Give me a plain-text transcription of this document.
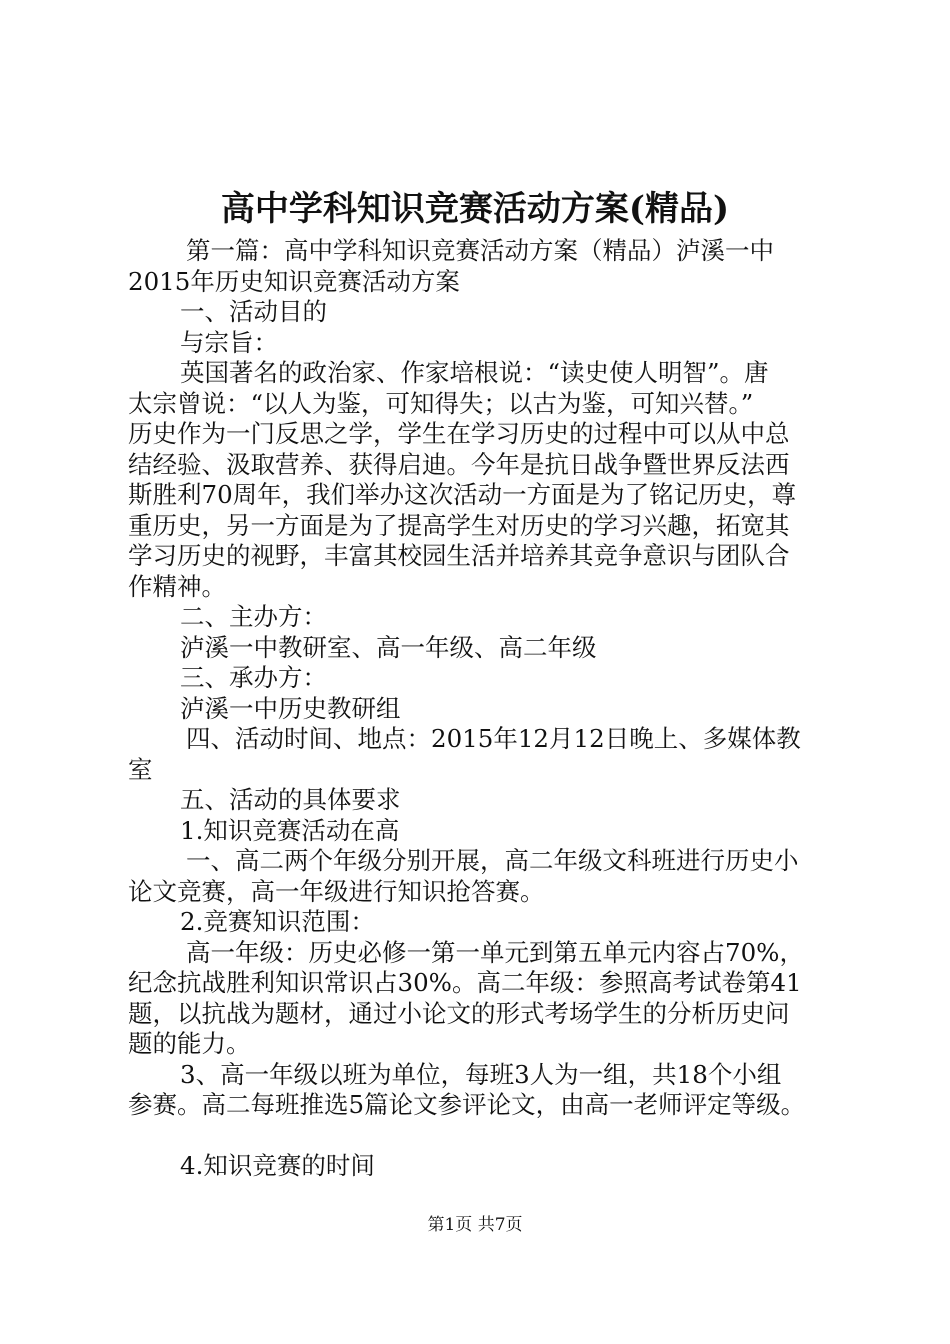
高中学科知识竞赛活动方案(精品)
第一篇：高中学科知识竞赛活动方案（精品）泸溪一中
2015年历史知识竞赛活动方案
一、活动目的
与宗旨：
英国著名的政治家、作家培根说：“读史使人明智”。唐
太宗曾说：“以人为鉴，可知得失；以古为鉴，可知兴替。”
历史作为一门反思之学，学生在学习历史的过程中可以从中总
结经验、汲取营养、获得启迪。今年是抗日战争暨世界反法西
斯胜利70周年，我们举办这次活动一方面是为了铭记历史，尊
重历史，另一方面是为了提高学生对历史的学习兴趣，拓宽其
学习历史的视野，丰富其校园生活并培养其竞争意识与团队合
作精神。
二、主办方：
泸溪一中教研室、高一年级、高二年级
三、承办方：
泸溪一中历史教研组
四、活动时间、地点：2015年12月12日晚上、多媒体教
室
五、活动的具体要求
1.知识竞赛活动在高
一、高二两个年级分别开展，高二年级文科班进行历史小
论文竞赛，高一年级进行知识抢答赛。
2.竞赛知识范围：
高一年级：历史必修一第一单元到第五单元内容占70%，
纪念抗战胜利知识常识占30%。高二年级：参照高考试卷第41
题，以抗战为题材，通过小论文的形式考场学生的分析历史问
题的能力。
3、高一年级以班为单位，每班3人为一组，共18个小组
参赛。高二每班推选5篇论文参评论文，由高一老师评定等级。
4.知识竞赛的时间
第1页 共7页
